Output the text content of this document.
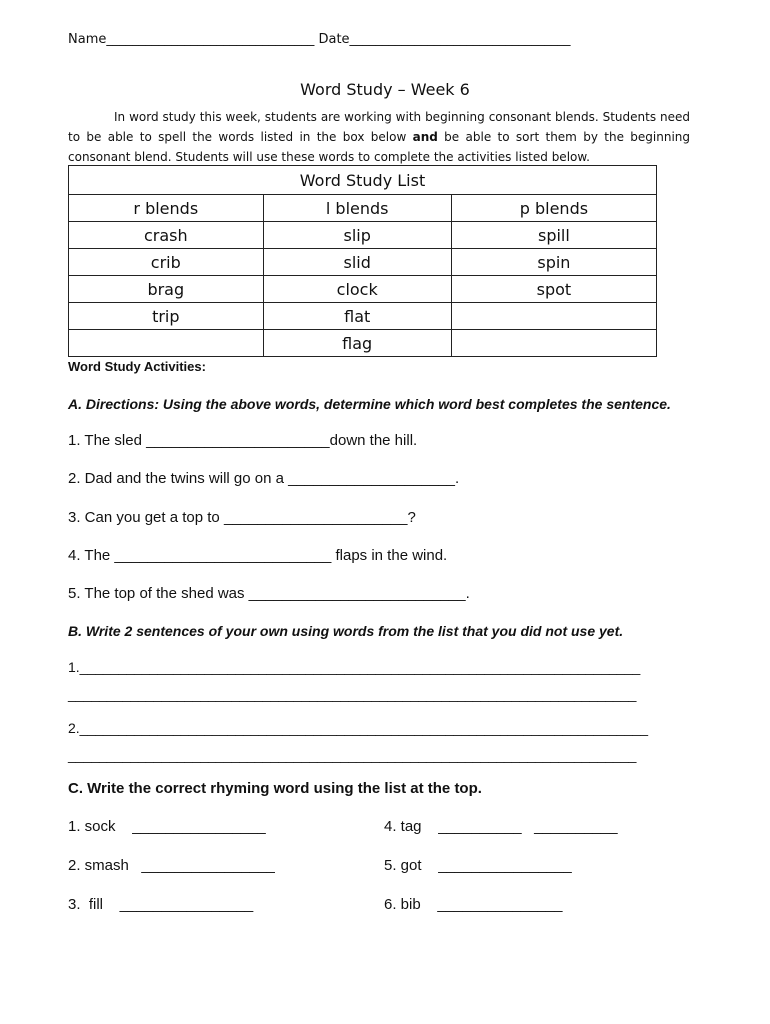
Name________________________________ Date__________________________________
Word Study – Week 6
In word study this week, students are working with beginning consonant blends. Students need to be able to spell the words listed in the box below and be able to sort them by the beginning consonant blend. Students will use these words to complete the activities listed below.
Word Study List		
r blends	l blends	p blends
crash	slip	spill
crib	slid	spin
brag	clock	spot
trip	flat	
	flag	
Word Study Activities:
A. Directions: Using the above words, determine which word best completes the sentence.
1. The sled ______________________down the hill.
2. Dad and the twins will go on a ____________________.
3. Can you get a top to ______________________?
4. The __________________________ flaps in the wind.
5. The top of the shed was __________________________.
B. Write 2 sentences of your own using words from the list that you did not use yet.
1.________________________________________________________________________
_________________________________________________________________________
2._________________________________________________________________________
_________________________________________________________________________
C. Write the correct rhyming word using the list at the top.
1. sock    ________________
2. smash   ________________
3.  fill    ________________
4. tag    __________   __________
5. got    ________________
6. bib    _______________
